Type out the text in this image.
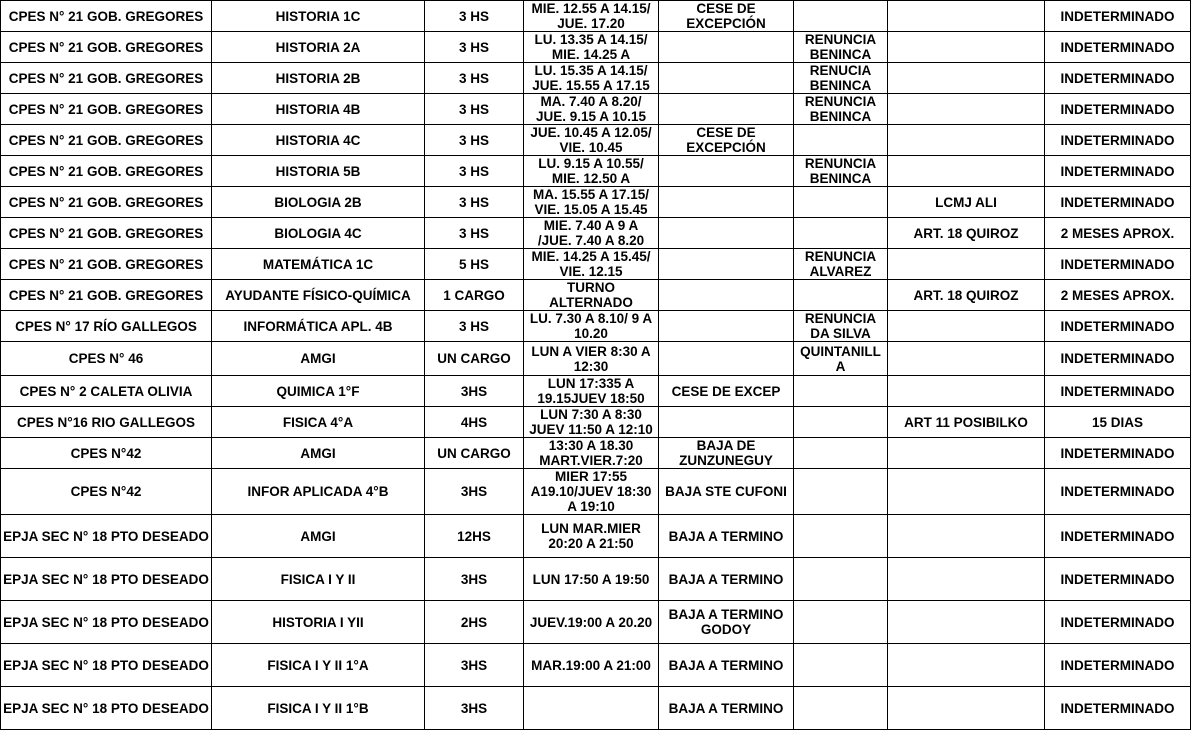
CPES N° 21 GOB. GREGORES	HISTORIA 1C	3 HS	MIE. 12.55 A 14.15/ JUE. 17.20	CESE DE EXCEPCIÓN			INDETERMINADO
CPES N° 21 GOB. GREGORES	HISTORIA 2A	3 HS	LU. 13.35 A 14.15/ MIE. 14.25 A		RENUNCIA BENINCA		INDETERMINADO
CPES N° 21 GOB. GREGORES	HISTORIA 2B	3 HS	LU. 15.35 A 14.15/ JUE. 15.55 A 17.15		RENUCIA BENINCA		INDETERMINADO
CPES N° 21 GOB. GREGORES	HISTORIA 4B	3 HS	MA. 7.40 A 8.20/ JUE. 9.15 A 10.15		RENUNCIA BENINCA		INDETERMINADO
CPES N° 21 GOB. GREGORES	HISTORIA 4C	3 HS	JUE. 10.45 A 12.05/ VIE. 10.45	CESE DE EXCEPCIÓN			INDETERMINADO
CPES N° 21 GOB. GREGORES	HISTORIA 5B	3 HS	LU. 9.15 A 10.55/ MIE. 12.50 A		RENUNCIA BENINCA		INDETERMINADO
CPES N° 21 GOB. GREGORES	BIOLOGIA 2B	3 HS	MA. 15.55 A 17.15/ VIE. 15.05 A 15.45			LCMJ ALI	INDETERMINADO
CPES N° 21 GOB. GREGORES	BIOLOGIA 4C	3 HS	MIE. 7.40 A 9 A /JUE. 7.40 A 8.20			ART. 18 QUIROZ	2 MESES APROX.
CPES N° 21 GOB. GREGORES	MATEMÁTICA 1C	5 HS	MIE. 14.25 A 15.45/ VIE. 12.15		RENUNCIA ALVAREZ		INDETERMINADO
CPES N° 21 GOB. GREGORES	AYUDANTE FÍSICO-QUÍMICA	1 CARGO	TURNO ALTERNADO			ART. 18 QUIROZ	2 MESES APROX.
CPES N° 17 RÍO GALLEGOS	INFORMÁTICA APL. 4B	3 HS	LU. 7.30 A 8.10/ 9 A 10.20		RENUNCIA DA SILVA		INDETERMINADO
CPES N° 46	AMGI	UN CARGO	LUN A VIER 8:30 A 12:30		QUINTANILL A		INDETERMINADO
CPES N° 2 CALETA OLIVIA	QUIMICA 1°F	3HS	LUN 17:335 A 19.15JUEV 18:50	CESE DE EXCEP			INDETERMINADO
CPES N°16 RIO GALLEGOS	FISICA 4°A	4HS	LUN 7:30 A 8:30 JUEV 11:50 A 12:10			ART 11 POSIBILKO	15 DIAS
CPES N°42	AMGI	UN CARGO	13:30 A 18.30 MART.VIER.7:20	BAJA DE ZUNZUNEGUY			INDETERMINADO
CPES N°42	INFOR APLICADA 4°B	3HS	MIER 17:55 A19.10/JUEV 18:30 A 19:10	BAJA STE CUFONI			INDETERMINADO
EPJA SEC N° 18 PTO DESEADO	AMGI	12HS	LUN MAR.MIER 20:20 A 21:50	BAJA A TERMINO			INDETERMINADO
EPJA SEC N° 18 PTO DESEADO	FISICA I Y II	3HS	LUN 17:50 A 19:50	BAJA A TERMINO			INDETERMINADO
EPJA SEC N° 18 PTO DESEADO	HISTORIA I YII	2HS	JUEV.19:00 A 20.20	BAJA A TERMINO GODOY			INDETERMINADO
EPJA SEC N° 18 PTO DESEADO	FISICA I Y II 1°A	3HS	MAR.19:00 A 21:00	BAJA A TERMINO			INDETERMINADO
EPJA SEC N° 18 PTO DESEADO	FISICA I Y II 1°B	3HS		BAJA A TERMINO			INDETERMINADO
